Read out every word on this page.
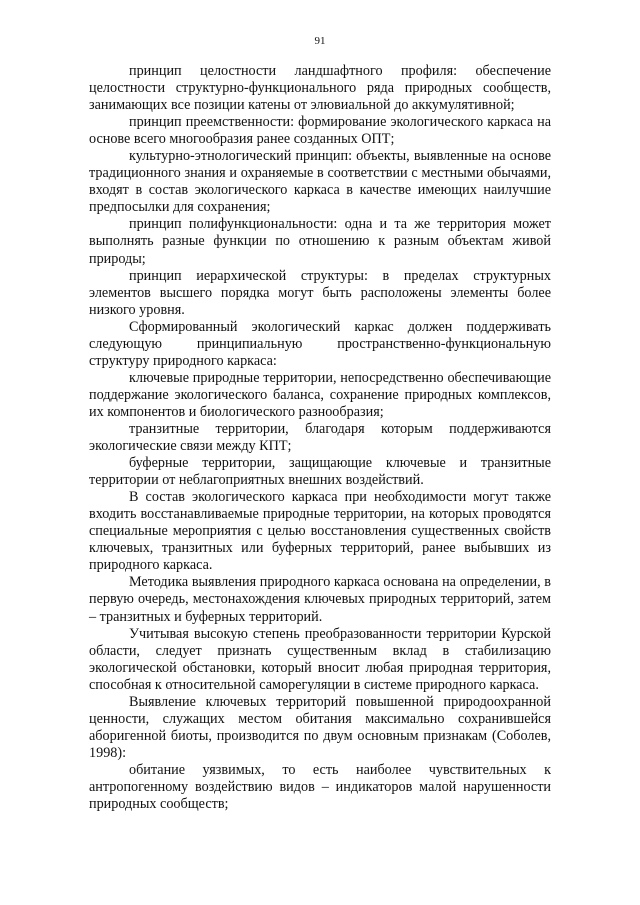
91

принцип целостности ландшафтного профиля: обеспечение целостности структурно-функционального ряда природных сообществ, занимающих все позиции катены от элювиальной до аккумулятивной;

принцип преемственности: формирование экологического каркаса на основе всего многообразия ранее созданных ОПТ;

культурно-этнологический принцип: объекты, выявленные на основе традиционного знания и охраняемые в соответствии с местными обычаями, входят в состав экологического каркаса в качестве имеющих наилучшие предпосылки для сохранения;

принцип полифункциональности: одна и та же территория может выполнять разные функции по отношению к разным объектам живой природы;

принцип иерархической структуры: в пределах структурных элементов высшего порядка могут быть расположены элементы более низкого уровня.

Сформированный экологический каркас должен поддерживать следующую принципиальную пространственно-функциональную структуру природного каркаса:

ключевые природные территории, непосредственно обеспечивающие поддержание экологического баланса, сохранение природных комплексов, их компонентов и биологического разнообразия;

транзитные территории, благодаря которым поддерживаются экологические связи между КПТ;

буферные территории, защищающие ключевые и транзитные территории от неблагоприятных внешних воздействий.

В состав экологического каркаса при необходимости могут также входить восстанавливаемые природные территории, на которых проводятся специальные мероприятия с целью восстановления существенных свойств ключевых, транзитных или буферных территорий, ранее выбывших из природного каркаса.

Методика выявления природного каркаса основана на определении, в первую очередь, местонахождения ключевых природных территорий, затем – транзитных и буферных территорий.

Учитывая высокую степень преобразованности территории Курской области, следует признать существенным вклад в стабилизацию экологической обстановки, который вносит любая природная территория, способная к относительной саморегуляции в системе природного каркаса.

Выявление ключевых территорий повышенной природоохранной ценности, служащих местом обитания максимально сохранившейся аборигенной биоты, производится по двум основным признакам (Соболев, 1998):

обитание уязвимых, то есть наиболее чувствительных к антропогенному воздействию видов – индикаторов малой нарушенности природных сообществ;
